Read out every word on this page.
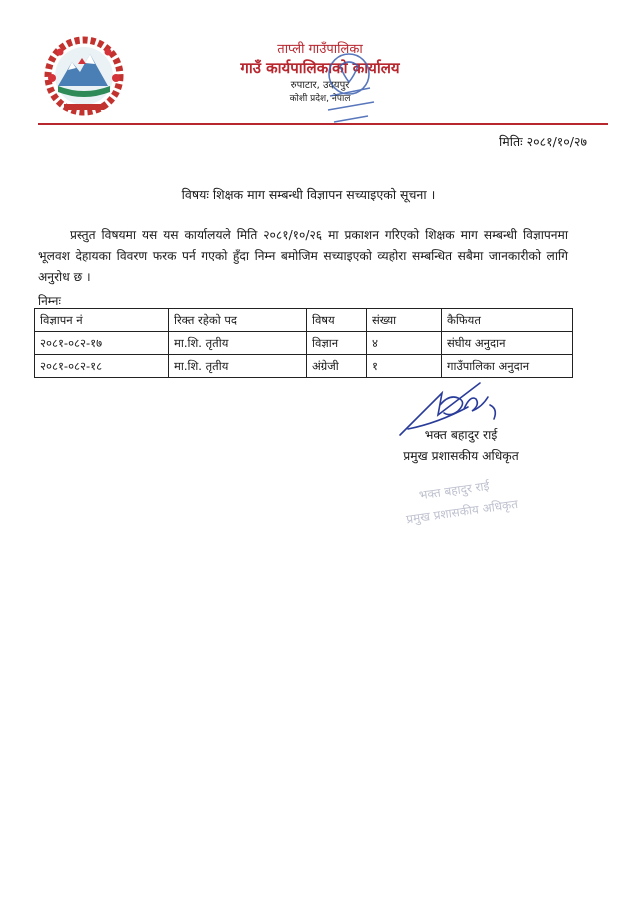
ताप्ली गाउँपालिका
गाउँ कार्यपालिकाको कार्यालय
रुपाटार, उदयपुर
कोशी प्रदेश, नेपाल
मितिः २०८१/१०/२७
विषयः शिक्षक माग सम्बन्धी विज्ञापन सच्याइएको सूचना ।
प्रस्तुत विषयमा यस यस कार्यालयले मिति २०८१/१०/२६ मा प्रकाशन गरिएको शिक्षक माग सम्बन्धी विज्ञापनमा भूलवश देहायका विवरण फरक पर्न गएको हुँदा निम्न बमोजिम सच्याइएको व्यहोरा सम्बन्धित सबैमा जानकारीको लागि अनुरोध छ ।
निम्नः
विज्ञापन नं	रिक्त रहेको पद	विषय	संख्या	कैफियत
२०८१-०८२-१७	मा.शि. तृतीय	विज्ञान	४	संघीय अनुदान
२०८१-०८२-१८	मा.शि. तृतीय	अंग्रेजी	१	गाउँपालिका अनुदान
भक्त बहादुर राई
प्रमुख प्रशासकीय अधिकृत
भक्त बहादुर राई
प्रमुख प्रशासकीय अधिकृत
